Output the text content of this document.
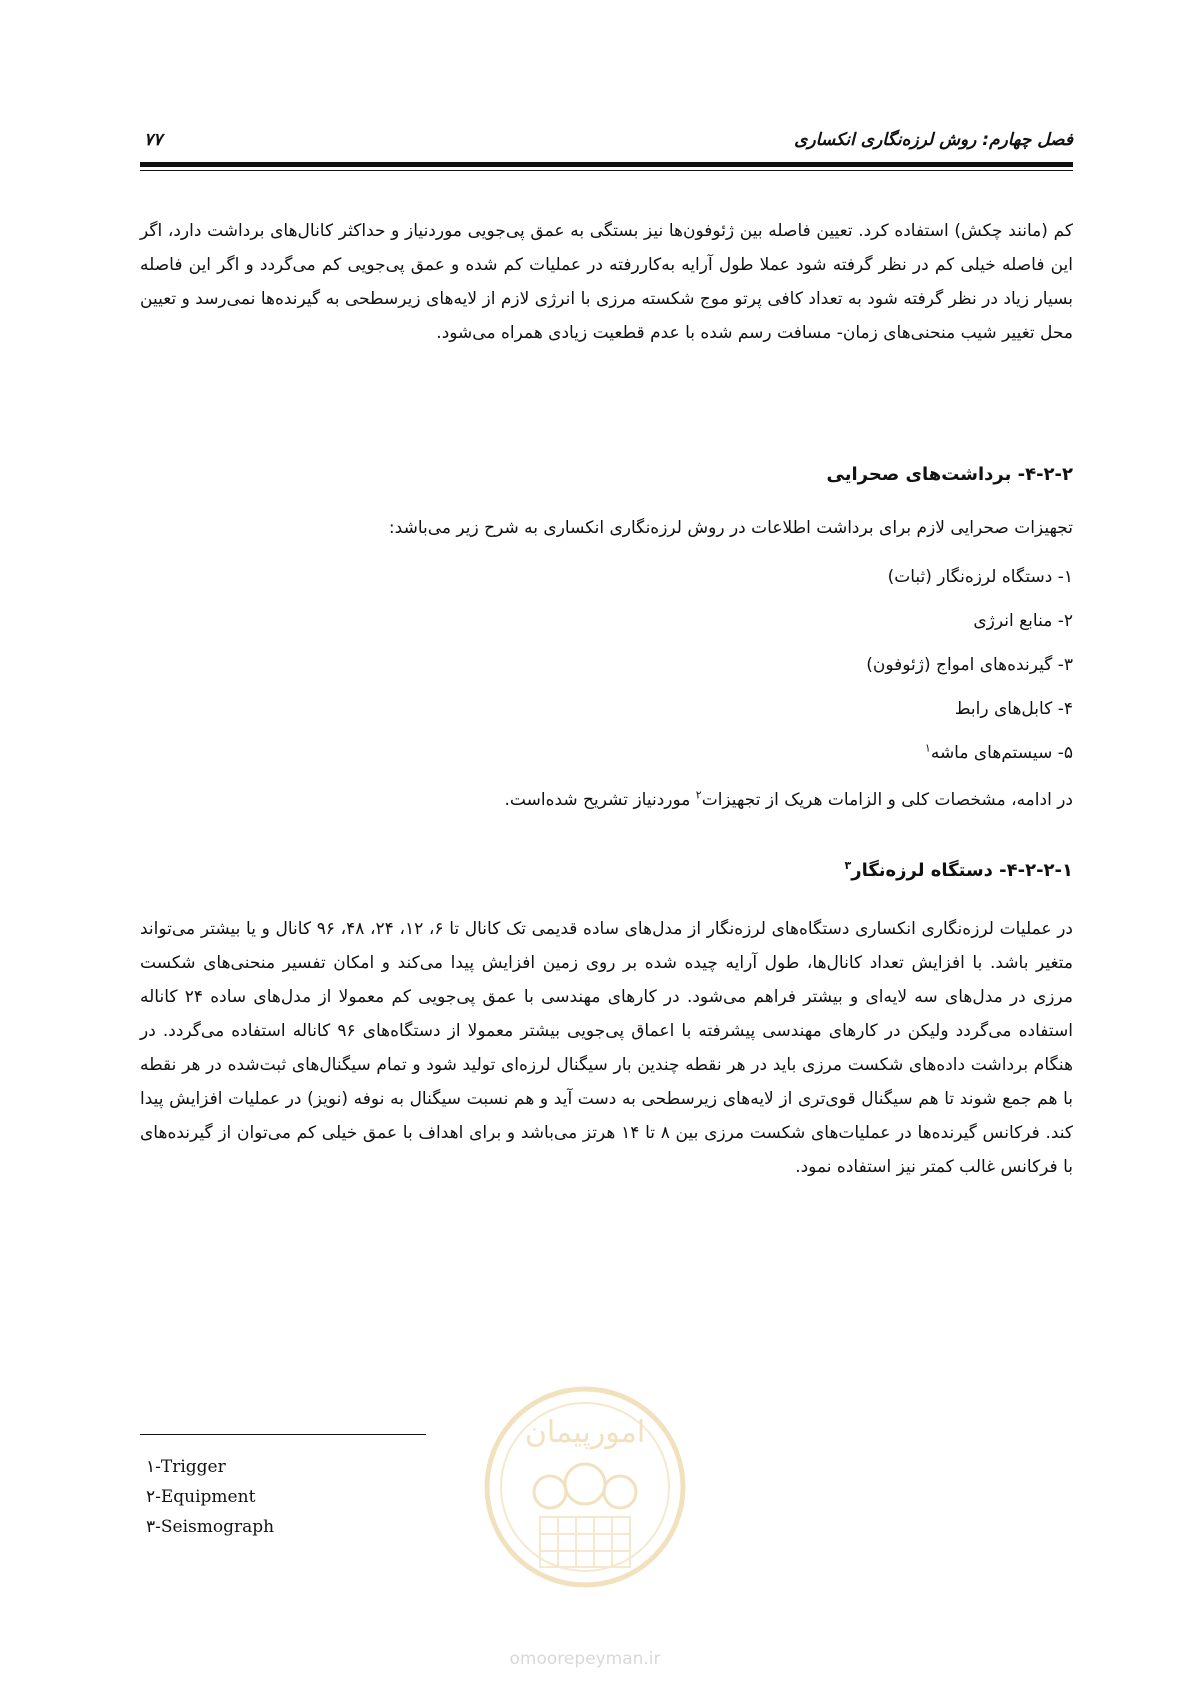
فصل چهارم: روش لرزه‌نگاری انکساری
۷۷

کم (مانند چکش) استفاده کرد. تعیین فاصله بین ژئوفون‌ها نیز بستگی به عمق پی‌جویی موردنیاز و حداکثر کانال‌های برداشت دارد، اگر این فاصله خیلی کم در نظر گرفته شود عملا طول آرایه به‌کاررفته در عملیات کم شده و عمق پی‌جویی کم می‌گردد و اگر این فاصله بسیار زیاد در نظر گرفته شود به تعداد کافی پرتو موج شکسته مرزی با انرژی لازم از لایه‌های زیرسطحی به گیرنده‌ها نمی‌رسد و تعیین محل تغییر شیب منحنی‌های زمان- مسافت رسم شده با عدم قطعیت زیادی همراه می‌شود.

۴-۲-۲- برداشت‌های صحرایی
تجهیزات صحرایی لازم برای برداشت اطلاعات در روش لرزه‌نگاری انکساری به شرح زیر می‌باشد:
۱- دستگاه لرزه‌نگار (ثبات)
۲- منابع انرژی
۳- گیرنده‌های امواج (ژئوفون)
۴- کابل‌های رابط
۵- سیستم‌های ماشه$^۱$
در ادامه، مشخصات کلی و الزامات هریک از تجهیزات$^۲$ موردنیاز تشریح شده‌است.
۴-۲-۲-۱- دستگاه لرزه‌نگار$^۳$

در عملیات لرزه‌نگاری انکساری دستگاه‌های لرزه‌نگار از مدل‌های ساده قدیمی تک کانال تا ۶، ۱۲، ۲۴، ۴۸، ۹۶ کانال و یا بیشتر می‌تواند متغیر باشد. با افزایش تعداد کانال‌ها، طول آرایه چیده شده بر روی زمین افزایش پیدا می‌کند و امکان تفسیر منحنی‌های شکست مرزی در مدل‌های سه لایه‌ای و بیشتر فراهم می‌شود. در کارهای مهندسی با عمق پی‌جویی کم معمولا از مدل‌های ساده ۲۴ کاناله استفاده می‌گردد ولیکن در کارهای مهندسی پیشرفته با اعماق پی‌جویی بیشتر معمولا از دستگاه‌های ۹۶ کاناله استفاده می‌گردد. در هنگام برداشت داده‌های شکست مرزی باید در هر نقطه چندین بار سیگنال لرزه‌ای تولید شود و تمام سیگنال‌های ثبت‌شده در هر نقطه با هم جمع شوند تا هم سیگنال قوی‌تری از لایه‌های زیرسطحی به دست آید و هم نسبت سیگنال به نوفه (نویز) در عملیات افزایش پیدا کند. فرکانس گیرنده‌ها در عملیات‌های شکست مرزی بین ۸ تا ۱۴ هرتز می‌باشد و برای اهداف با عمق خیلی کم می‌توان از گیرنده‌های با فرکانس غالب کمتر نیز استفاده نمود.

۱-Trigger
۲-Equipment
۳-Seismograph
امورپیمان
omoorepeyman.ir
